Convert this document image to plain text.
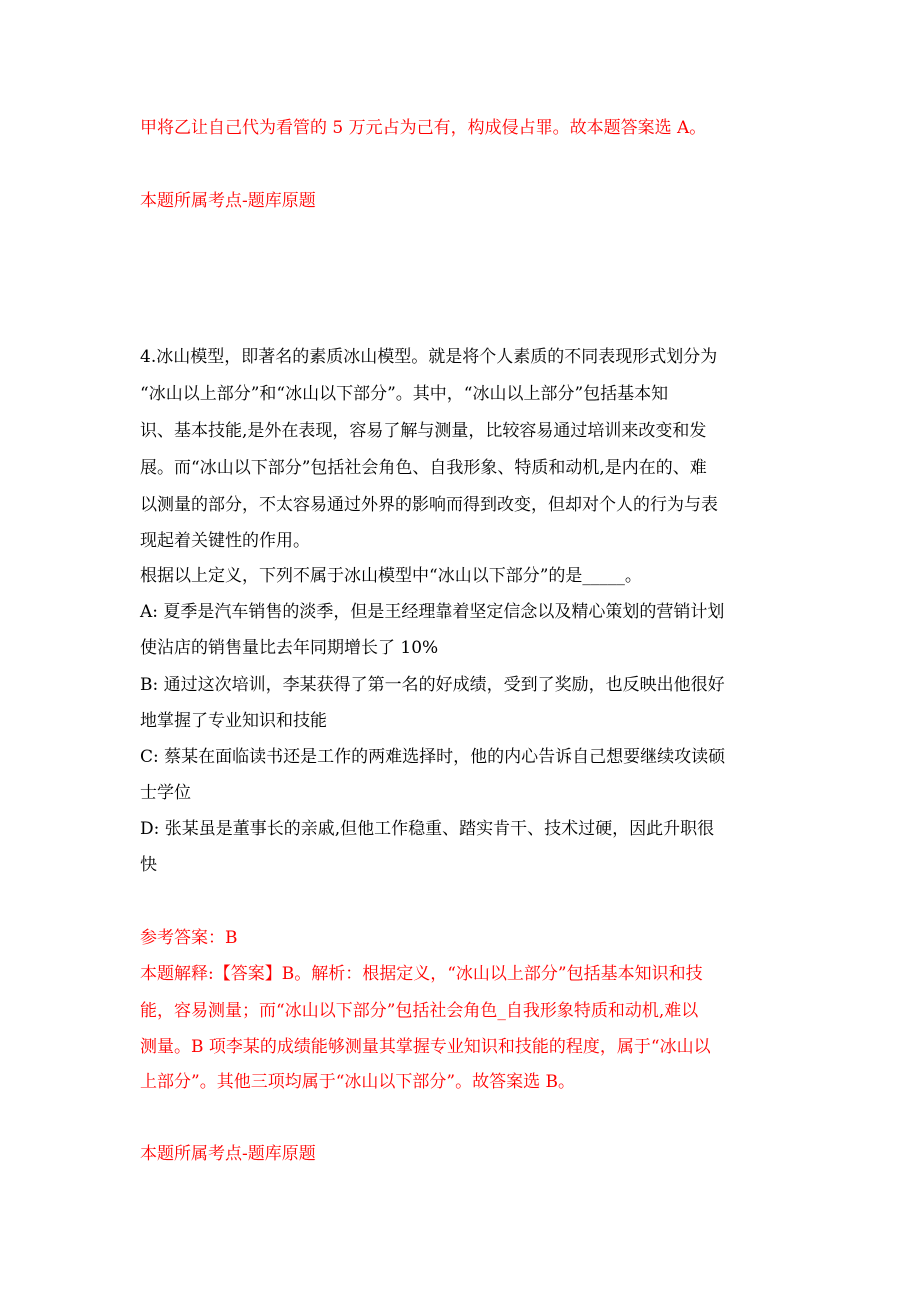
甲将乙让自己代为看管的 5 万元占为己有，构成侵占罪。故本题答案选 A。
本题所属考点-题库原题
4.冰山模型，即著名的素质冰山模型。就是将个人素质的不同表现形式划分为
“冰山以上部分”和“冰山以下部分”。其中，“冰山以上部分”包括基本知
识、基本技能,是外在表现，容易了解与测量，比较容易通过培训来改变和发
展。而“冰山以下部分”包括社会角色、自我形象、特质和动机,是内在的、难
以测量的部分，不太容易通过外界的影响而得到改变，但却对个人的行为与表
现起着关键性的作用。
根据以上定义，下列不属于冰山模型中“冰山以下部分”的是_____。
A: 夏季是汽车销售的淡季，但是王经理靠着坚定信念以及精心策划的营销计划
使沾店的销售量比去年同期增长了 10%
B: 通过这次培训，李某获得了第一名的好成绩，受到了奖励，也反映出他很好
地掌握了专业知识和技能
C: 蔡某在面临读书还是工作的两难选择时，他的内心告诉自己想要继续攻读硕
士学位
D: 张某虽是董事长的亲戚,但他工作稳重、踏实肯干、技术过硬，因此升职很
快
参考答案：B
本题解释:【答案】B。解析：根据定义，“冰山以上部分”包括基本知识和技
能，容易测量；而“冰山以下部分”包括社会角色_自我形象特质和动机,难以
测量。B 项李某的成绩能够测量其掌握专业知识和技能的程度，属于“冰山以
上部分”。其他三项均属于“冰山以下部分”。故答案选 B。
本题所属考点-题库原题
